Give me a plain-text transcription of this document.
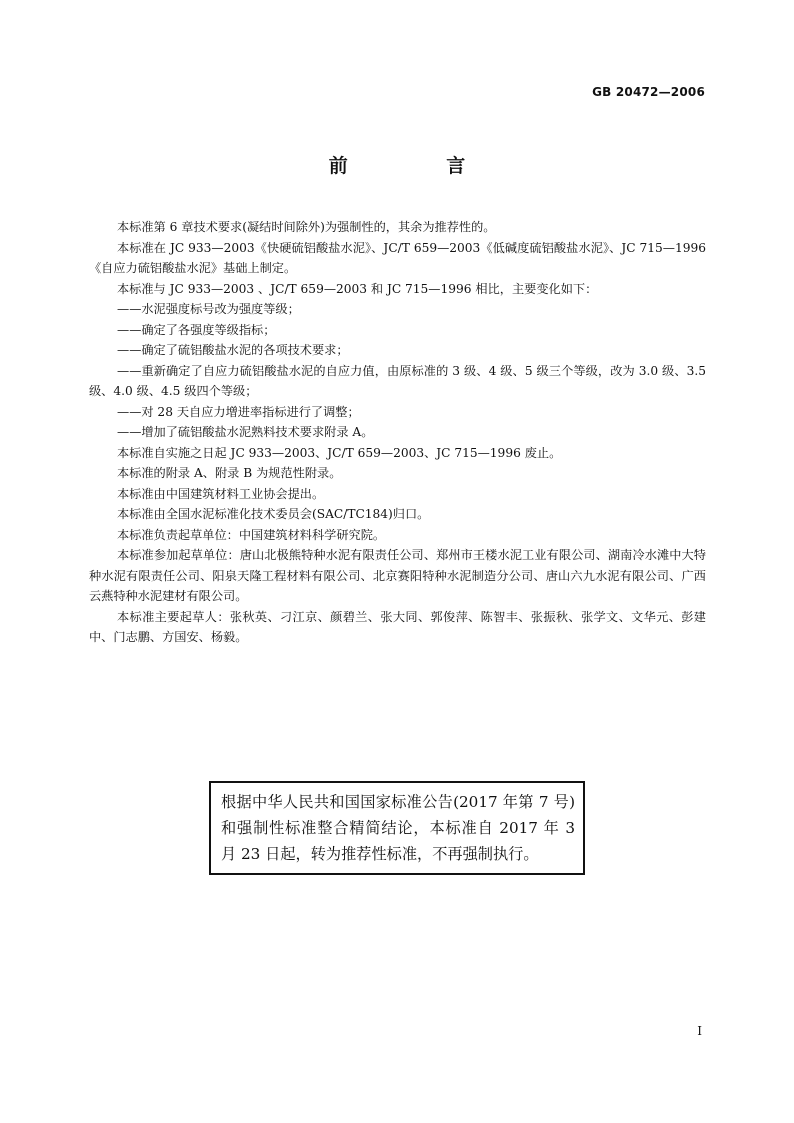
GB 20472—2006
前 言

本标准第 6 章技术要求(凝结时间除外)为强制性的，其余为推荐性的。

本标准在 JC 933—2003《快硬硫铝酸盐水泥》、JC/T 659—2003《低碱度硫铝酸盐水泥》、JC 715—1996《自应力硫铝酸盐水泥》基础上制定。

本标准与 JC 933—2003 、JC/T 659—2003 和 JC 715—1996 相比，主要变化如下：

——水泥强度标号改为强度等级；

——确定了各强度等级指标；

——确定了硫铝酸盐水泥的各项技术要求；

——重新确定了自应力硫铝酸盐水泥的自应力值，由原标准的 3 级、4 级、5 级三个等级，改为 3.0 级、3.5 级、4.0 级、4.5 级四个等级；

——对 28 天自应力增进率指标进行了调整；

——增加了硫铝酸盐水泥熟料技术要求附录 A。

本标准自实施之日起 JC 933—2003、JC/T 659—2003、JC 715—1996 废止。

本标准的附录 A、附录 B 为规范性附录。

本标准由中国建筑材料工业协会提出。

本标准由全国水泥标准化技术委员会(SAC/TC184)归口。

本标准负责起草单位：中国建筑材料科学研究院。

本标准参加起草单位：唐山北极熊特种水泥有限责任公司、郑州市王楼水泥工业有限公司、湖南冷水滩中大特种水泥有限责任公司、阳泉天隆工程材料有限公司、北京赛阳特种水泥制造分公司、唐山六九水泥有限公司、广西云燕特种水泥建材有限公司。

本标准主要起草人：张秋英、刁江京、颜碧兰、张大同、郭俊萍、陈智丰、张振秋、张学文、文华元、彭建中、门志鹏、方国安、杨毅。

根据中华人民共和国国家标准公告(2017 年第 7 号)和强制性标准整合精简结论，本标准自 2017 年 3 月 23 日起，转为推荐性标准，不再强制执行。

I
